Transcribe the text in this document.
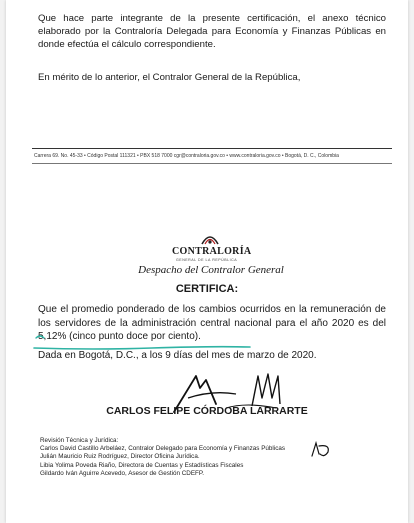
Que hace parte integrante de la presente certificación, el anexo técnico elaborado por la Contraloría Delegada para Economía y Finanzas Públicas en donde efectúa el cálculo correspondiente.
En mérito de lo anterior, el Contralor General de la República,
Carrera 69. No. 45-33 • Código Postal 111321 • PBX 518 7000 cgr@contraloria.gov.co • www.contraloria.gov.co • Bogotá, D. C., Colombia
CONTRALORÍA
GENERAL DE LA REPÚBLICA
Despacho del Contralor General
CERTIFICA:
Que el promedio ponderado de los cambios ocurridos en la remuneración de los servidores de la administración central nacional para el año 2020 es del 5,12% (cinco punto doce por ciento).
Dada en Bogotá, D.C., a los 9 días del mes de marzo de 2020.
CARLOS FELIPE CÓRDOBA LARRARTE
Revisión Técnica y Jurídica:
Carlos David Castillo Arbeláez, Contralor Delegado para Economía y Finanzas Públicas
Julián Mauricio Ruiz Rodríguez, Director Oficina Jurídica.
Libia Yolima Poveda Riaño, Directora de Cuentas y Estadísticas Fiscales
Gildardo Iván Aguirre Acevedo, Asesor de Gestión CDEFP.
